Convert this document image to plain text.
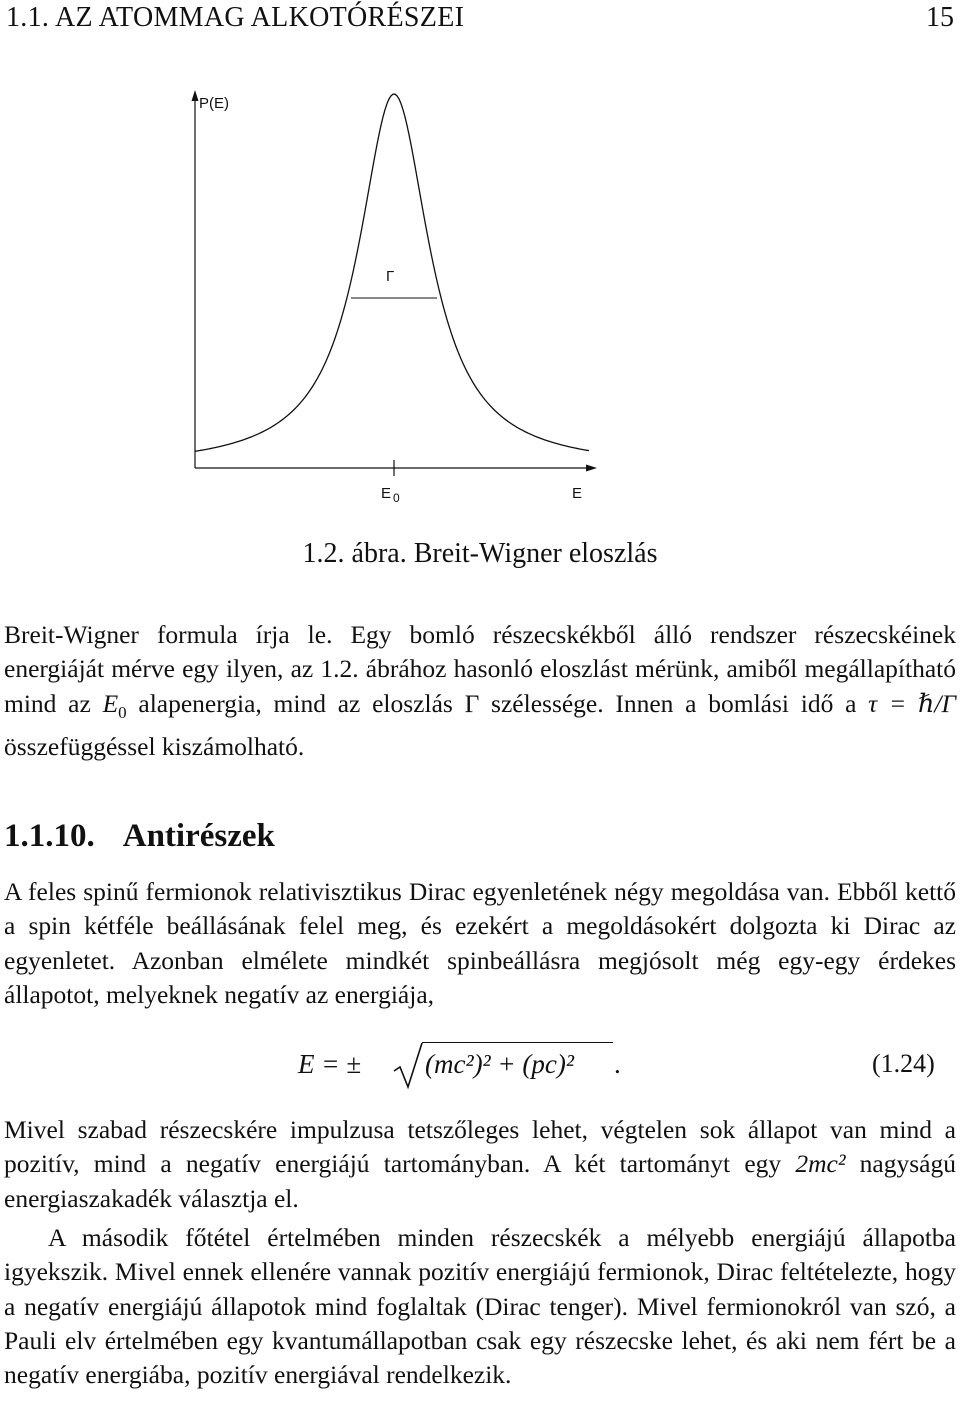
1.1. AZ ATOMMAG ALKOTÓRÉSZEI	15
P(E)
Γ
E $_0$	E
1.2. ábra. Breit-Wigner eloszlás

Breit-Wigner formula írja le. Egy bomló részecskékből álló rendszer részecskéinek energiáját mérve egy ilyen, az 1.2. ábrához hasonló eloszlást mérünk, amiből megállapítható mind az $E_0$ alapenergia, mind az eloszlás Γ szélessége. Innen a bomlási idő a τ = ℏ/Γ összefüggéssel kiszámolható.

1.1.10. Antirészek

A feles spinű fermionok relativisztikus Dirac egyenletének négy megoldása van. Ebből kettő a spin kétféle beállásának felel meg, és ezekért a megoldásokért dolgozta ki Dirac az egyenletet. Azonban elmélete mindkét spinbeállásra megjósolt még egy-egy érdekes állapotot, melyeknek negatív az energiája,

E = ± (mc²)² + (pc)² .	(1.24)

Mivel szabad részecskére impulzusa tetszőleges lehet, végtelen sok állapot van mind a pozitív, mind a negatív energiájú tartományban. A két tartományt egy 2mc² nagyságú energiaszakadék választja el.

A második főtétel értelmében minden részecskék a mélyebb energiájú állapotba igyekszik. Mivel ennek ellenére vannak pozitív energiájú fermionok, Dirac feltételezte, hogy a negatív energiájú állapotok mind foglaltak (Dirac tenger). Mivel fermionokról van szó, a Pauli elv értelmében egy kvantumállapotban csak egy részecske lehet, és aki nem fért be a negatív energiába, pozitív energiával rendelkezik.
